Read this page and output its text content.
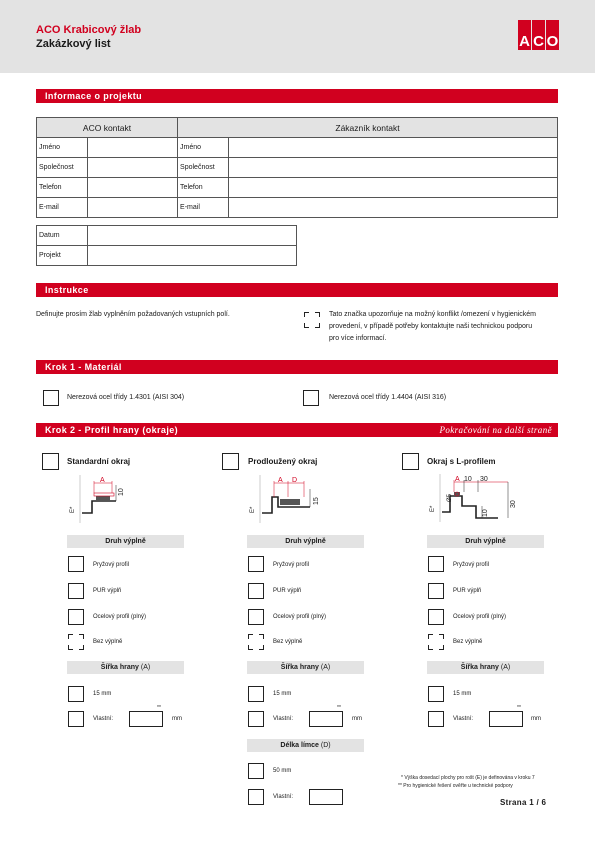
ACO Krabicový žlab
Zakázkový list	A C O
Informace o projektu
ACO kontakt		Zákazník kontakt	
Jméno		Jméno	
Společnost		Společnost	
Telefon		Telefon	
E-mail		E-mail	
Datum	
Projekt	
Instrukce
Definujte prosím žlab vyplněním požadovaných vstupních polí.	Tato značka upozorňuje na možný konflikt /omezení v hygienickém
provedení, v případě potřeby kontaktujte naši technickou podporu
pro více informací.
Krok 1 - Materiál
Nerezová ocel třídy 1.4301 (AISI 304)	Nerezová ocel třídy 1.4404 (AISI 316)
Krok 2 - Profil hrany (okraje)	Pokračování na další straně
Standardní okraj
A
10
E*
Druh výplně
Pryžový profil
PUR výplň
Ocelový profil (plný)
Bez výplně
Šířka hrany (A)
15 mm
Vlastní:
**
mm
Prodloužený okraj
A D
15
E*
Druh výplně
Pryžový profil
PUR výplň
Ocelový profil (plný)
Bez výplně
Šířka hrany (A)
15 mm
Vlastní:
**
mm
Délka límce (D)
50 mm
Vlastní:
Okraj s L-profilem
A 10 30
Ø5
10
30
E*
Druh výplně
Pryžový profil
PUR výplň
Ocelový profil (plný)
Bez výplně
Šířka hrany (A)
15 mm
Vlastní:
**
mm
* Výška dosedací plochy pro rošt (E) je definována v kroku 7
** Pro hygienické řešení ověřte u technické podpory
Strana 1 / 6
